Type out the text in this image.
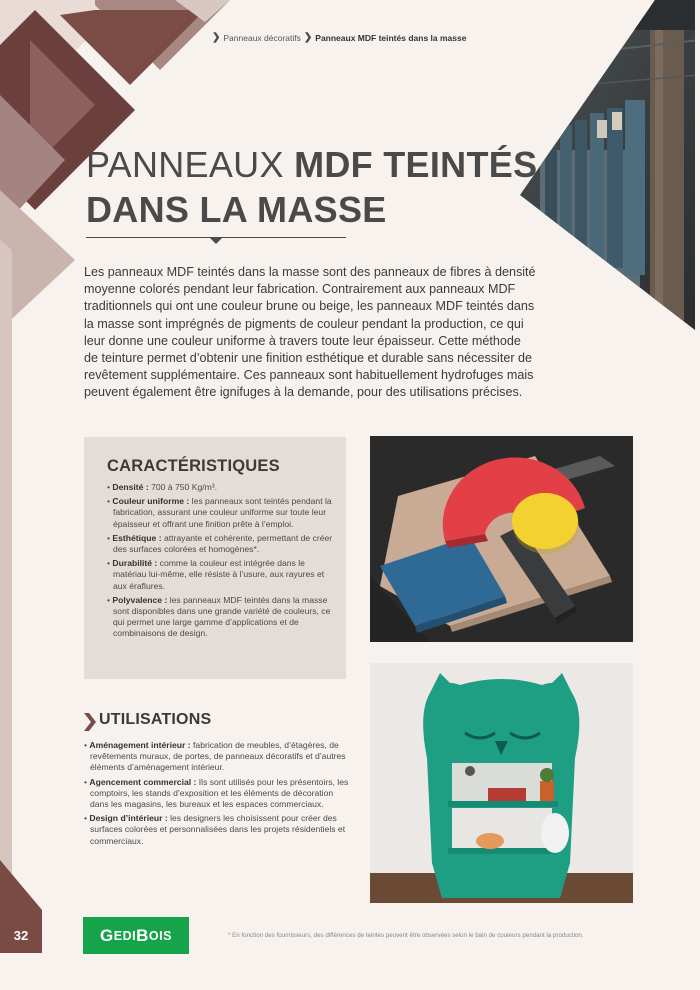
❯ Panneaux décoratifs ❯ Panneaux MDF teintés dans la masse
PANNEAUX MDF TEINTÉS
DANS LA MASSE

Les panneaux MDF teintés dans la masse sont des panneaux de fibres à densité moyenne colorés pendant leur fabrication. Contrairement aux panneaux MDF traditionnels qui ont une couleur brune ou beige, les panneaux MDF teintés dans la masse sont imprégnés de pigments de couleur pendant la production, ce qui leur donne une couleur uniforme à travers toute leur épaisseur. Cette méthode de teinture permet d’obtenir une finition esthétique et durable sans nécessiter de revêtement supplémentaire. Ces panneaux sont habituellement hydrofuges mais peuvent également être ignifuges à la demande, pour des utilisations précises.

CARACTÉRISTIQUES
• Densité : 700 à 750 Kg/m³.
• Couleur uniforme : les panneaux sont teintés pendant la fabrication, assurant une couleur uniforme sur toute leur épaisseur et offrant une finition prête à l’emploi.
• Esthétique : attrayante et cohérente, permettant de créer des surfaces colorées et homogènes*.
• Durabilité : comme la couleur est intégrée dans le matériau lui-même, elle résiste à l’usure, aux rayures et aux éraflures.
• Polyvalence : les panneaux MDF teintés dans la masse sont disponibles dans une grande variété de couleurs, ce qui permet une large gamme d’applications et de combinaisons de design.
UTILISATIONS
• Aménagement intérieur : fabrication de meubles, d’étagères, de revêtements muraux, de portes, de panneaux décoratifs et d’autres éléments d’aménagement intérieur.
• Agencement commercial : Ils sont utilisés pour les présentoirs, les comptoirs, les stands d’exposition et les éléments de décoration dans les magasins, les bureaux et les espaces commerciaux.
• Design d’intérieur : les designers les choisissent pour créer des surfaces colorées et personnalisées dans les projets résidentiels et commerciaux.
32	G EDI B OIS	* En fonction des fournisseurs, des différences de teintes peuvent être observées selon le bain de couleurs pendant la production.
